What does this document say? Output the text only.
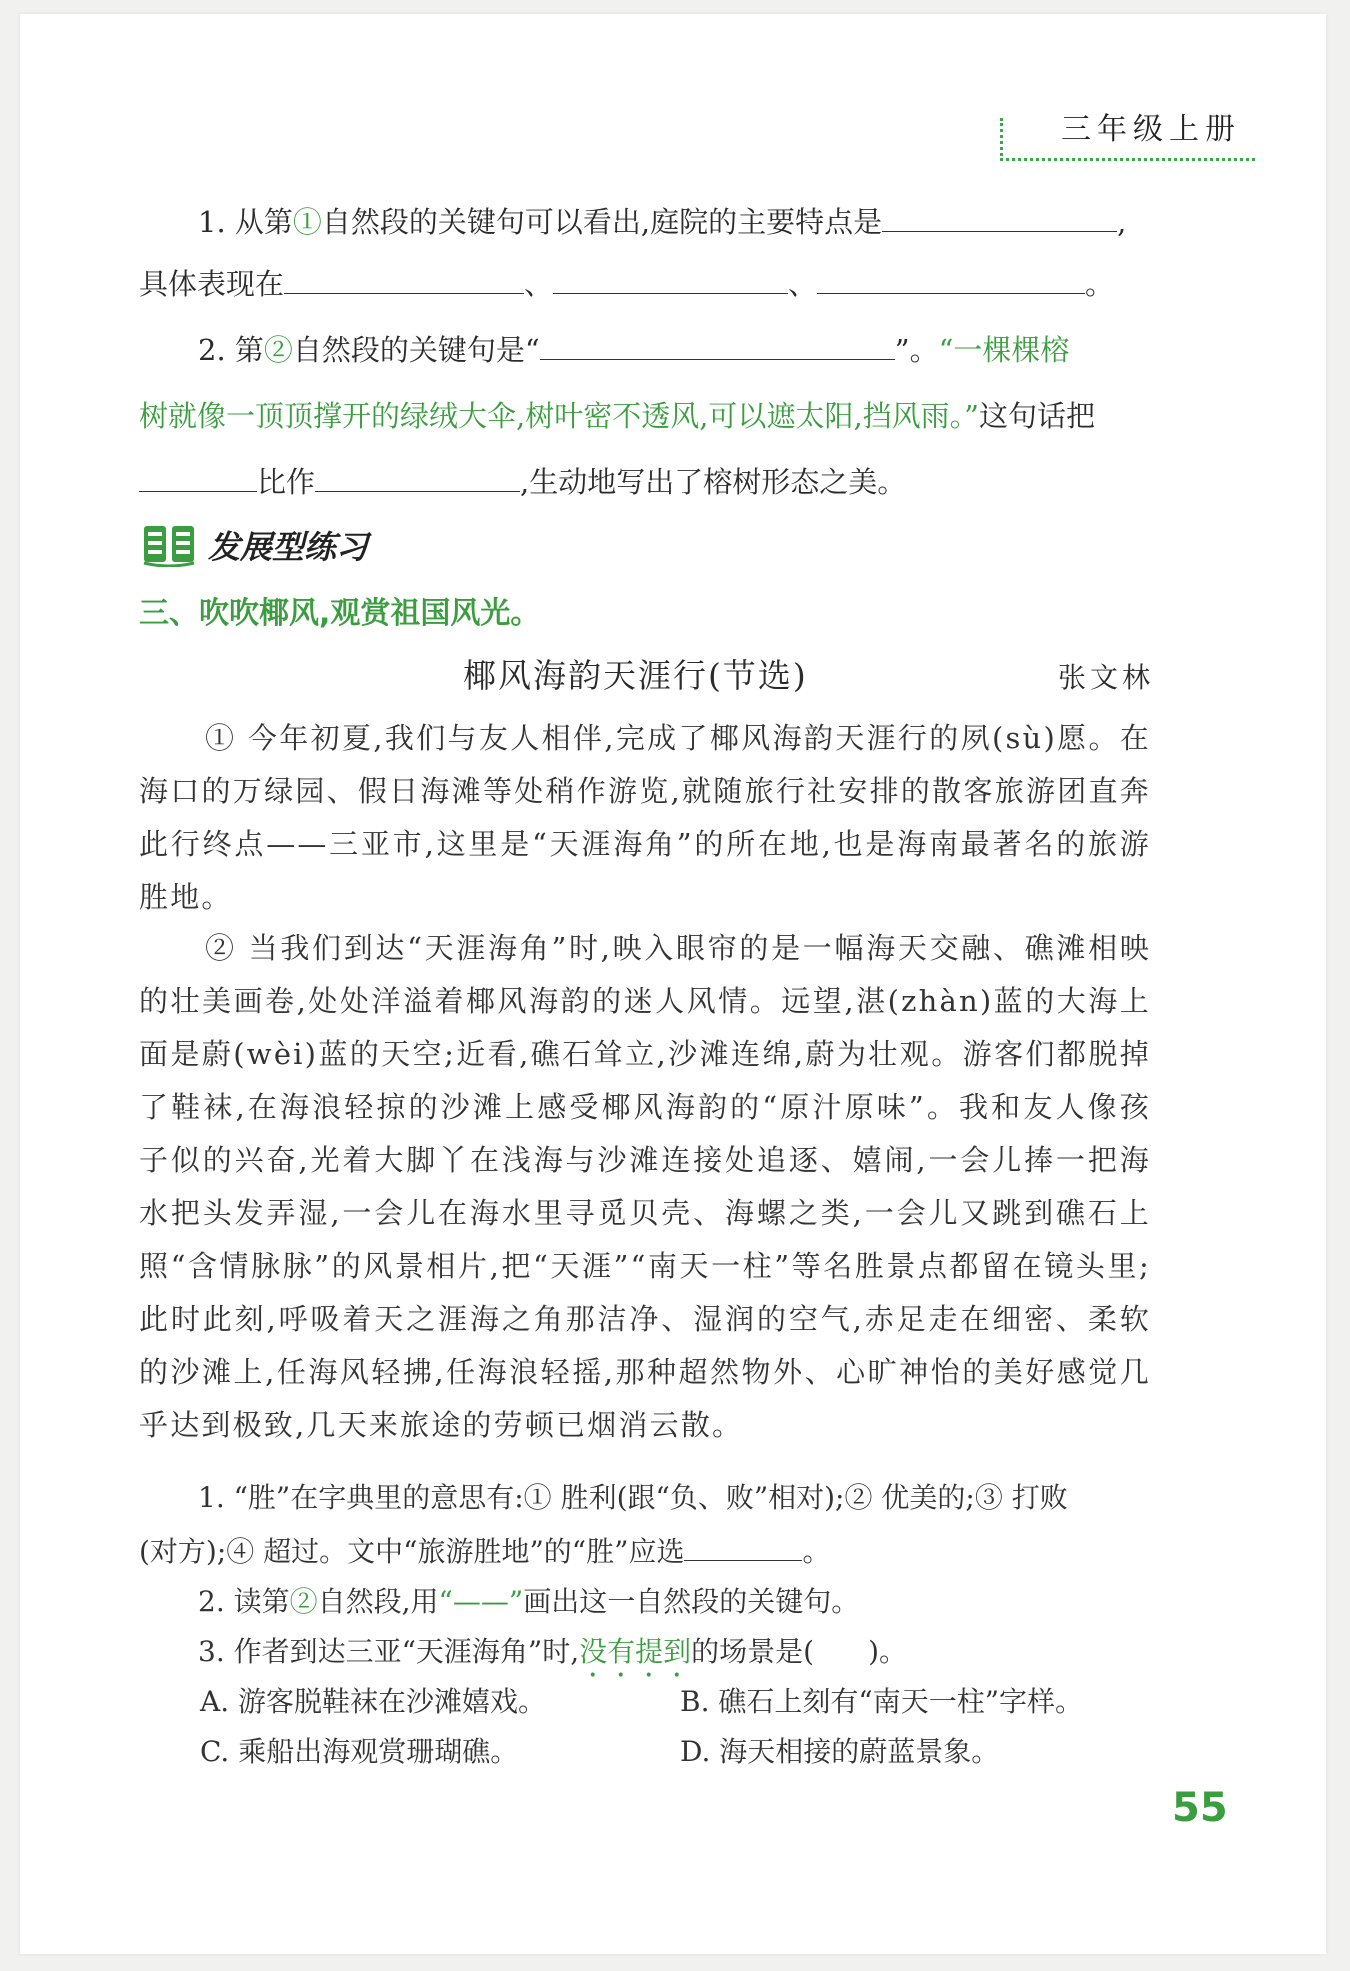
三年级上册
1. 从第①自然段的关键句可以看出,庭院的主要特点是	,
具体表现在	、	、	。
2. 第②自然段的关键句是“	”。“一棵棵榕
树就像一顶顶撑开的绿绒大伞,树叶密不透风,可以遮太阳,挡风雨。”这句话把
比作	,生动地写出了榕树形态之美。
发展型练习
三、吹吹椰风,观赏祖国风光。
椰风海韵天涯行(节选)	张文林
① 今年初夏,我们与友人相伴,完成了椰风海韵天涯行的夙(sù)愿。在海口的万绿园、假日海滩等处稍作游览,就随旅行社安排的散客旅游团直奔此行终点——三亚市,这里是“天涯海角”的所在地,也是海南最著名的旅游胜地。
② 当我们到达“天涯海角”时,映入眼帘的是一幅海天交融、礁滩相映的壮美画卷,处处洋溢着椰风海韵的迷人风情。远望,湛(zhàn)蓝的大海上面是蔚(wèi)蓝的天空;近看,礁石耸立,沙滩连绵,蔚为壮观。游客们都脱掉了鞋袜,在海浪轻掠的沙滩上感受椰风海韵的“原汁原味”。我和友人像孩子似的兴奋,光着大脚丫在浅海与沙滩连接处追逐、嬉闹,一会儿捧一把海水把头发弄湿,一会儿在海水里寻觅贝壳、海螺之类,一会儿又跳到礁石上照“含情脉脉”的风景相片,把“天涯”“南天一柱”等名胜景点都留在镜头里;此时此刻,呼吸着天之涯海之角那洁净、湿润的空气,赤足走在细密、柔软的沙滩上,任海风轻拂,任海浪轻摇,那种超然物外、心旷神怡的美好感觉几乎达到极致,几天来旅途的劳顿已烟消云散。
1. “胜”在字典里的意思有:① 胜利(跟“负、败”相对);② 优美的;③ 打败
(对方);④ 超过。文中“旅游胜地”的“胜”应选	。
2. 读第②自然段,用“——”画出这一自然段的关键句。
3. 作者到达三亚“天涯海角”时,没有提到的场景是( )。
A. 游客脱鞋袜在沙滩嬉戏。	B. 礁石上刻有“南天一柱”字样。
C. 乘船出海观赏珊瑚礁。	D. 海天相接的蔚蓝景象。
55
